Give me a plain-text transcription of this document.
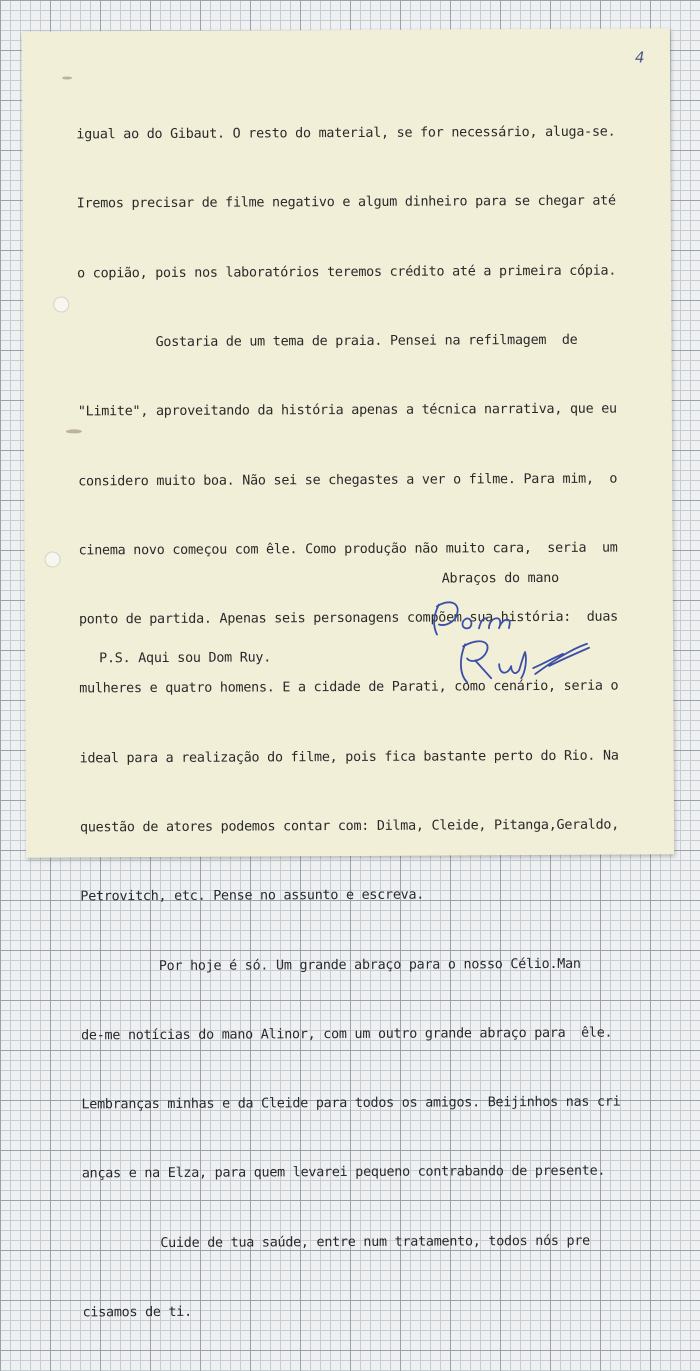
4

igual ao do Gibaut. O resto do material, se for necessário, aluga-se.

Iremos precisar de filme negativo e algum dinheiro para se chegar até

o copião, pois nos laboratórios teremos crédito até a primeira cópia.

Gostaria de um tema de praia. Pensei na refilmagem  de

"Limite", aproveitando da história apenas a técnica narrativa, que eu

considero muito boa. Não sei se chegastes a ver o filme. Para mim,  o

cinema novo começou com êle. Como produção não muito cara,  seria  um

ponto de partida. Apenas seis personagens compõem sua história:  duas

mulheres e quatro homens. E a cidade de Parati, como cenário, seria o

ideal para a realização do filme, pois fica bastante perto do Rio. Na

questão de atores podemos contar com: Dilma, Cleide, Pitanga,Geraldo,

Petrovitch, etc. Pense no assunto e escreva.

Por hoje é só. Um grande abraço para o nosso Célio.Man

de-me notícias do mano Alinor, com um outro grande abraço para  êle.

Lembranças minhas e da Cleide para todos os amigos. Beijinhos nas cri

anças e na Elza, para quem levarei pequeno contrabando de presente.

Cuide de tua saúde, entre num tratamento, todos nós pre

cisamos de ti.

Abraços do mano
P.S. Aqui sou Dom Ruy.
